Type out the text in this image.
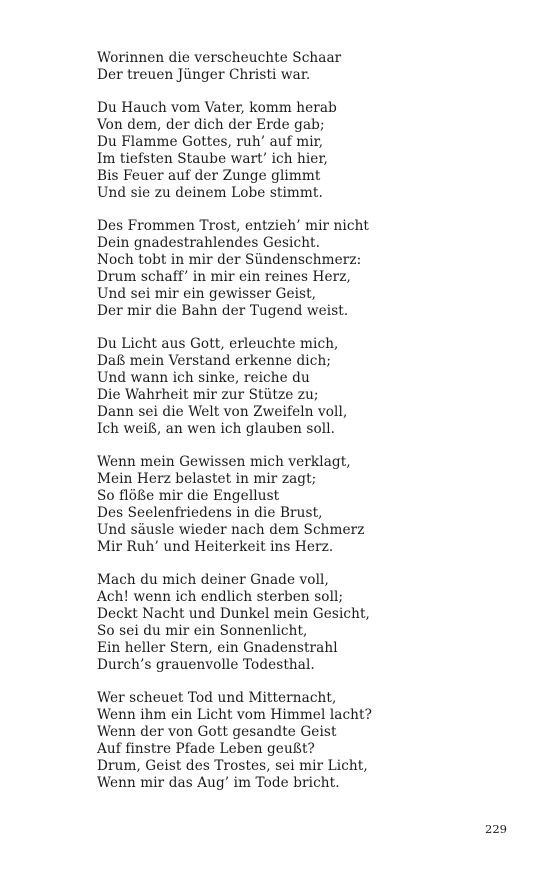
Worinnen die verscheuchte Schaar
Der treuen Jünger Christi war.
Du Hauch vom Vater, komm herab
Von dem, der dich der Erde gab;
Du Flamme Gottes, ruh’ auf mir,
Im tiefsten Staube wart’ ich hier,
Bis Feuer auf der Zunge glimmt
Und sie zu deinem Lobe stimmt.
Des Frommen Trost, entzieh’ mir nicht
Dein gnadestrahlendes Gesicht.
Noch tobt in mir der Sündenschmerz:
Drum schaff’ in mir ein reines Herz,
Und sei mir ein gewisser Geist,
Der mir die Bahn der Tugend weist.
Du Licht aus Gott, erleuchte mich,
Daß mein Verstand erkenne dich;
Und wann ich sinke, reiche du
Die Wahrheit mir zur Stütze zu;
Dann sei die Welt von Zweifeln voll,
Ich weiß, an wen ich glauben soll.
Wenn mein Gewissen mich verklagt,
Mein Herz belastet in mir zagt;
So flöße mir die Engellust
Des Seelenfriedens in die Brust,
Und säusle wieder nach dem Schmerz
Mir Ruh’ und Heiterkeit ins Herz.
Mach du mich deiner Gnade voll,
Ach! wenn ich endlich sterben soll;
Deckt Nacht und Dunkel mein Gesicht,
So sei du mir ein Sonnenlicht,
Ein heller Stern, ein Gnadenstrahl
Durch’s grauenvolle Todesthal.
Wer scheuet Tod und Mitternacht,
Wenn ihm ein Licht vom Himmel lacht?
Wenn der von Gott gesandte Geist
Auf finstre Pfade Leben geußt?
Drum, Geist des Trostes, sei mir Licht,
Wenn mir das Aug’ im Tode bricht.
229
